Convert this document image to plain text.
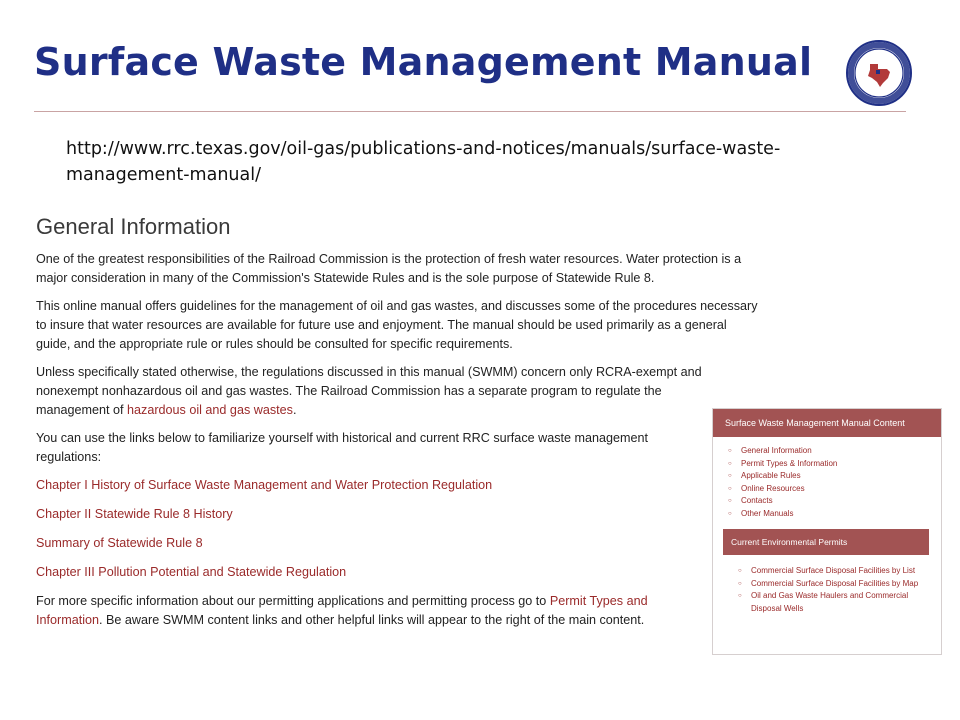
Surface Waste Management Manual
★ ★ ★
http://www.rrc.texas.gov/oil-gas/publications-and-notices/manuals/surface-waste-management-manual/
General Information

One of the greatest responsibilities of the Railroad Commission is the protection of fresh water resources. Water protection is a major consideration in many of the Commission's Statewide Rules and is the sole purpose of Statewide Rule 8.

This online manual offers guidelines for the management of oil and gas wastes, and discusses some of the procedures necessary to insure that water resources are available for future use and enjoyment. The manual should be used primarily as a general guide, and the appropriate rule or rules should be consulted for specific requirements.

Unless specifically stated otherwise, the regulations discussed in this manual (SWMM) concern only RCRA-exempt and nonexempt nonhazardous oil and gas wastes. The Railroad Commission has a separate program to regulate the management of hazardous oil and gas wastes.

You can use the links below to familiarize yourself with historical and current RRC surface waste management regulations:

Chapter I History of Surface Waste Management and Water Protection Regulation
Chapter II Statewide Rule 8 History
Summary of Statewide Rule 8
Chapter III Pollution Potential and Statewide Regulation

For more specific information about our permitting applications and permitting process go to Permit Types and Information. Be aware SWMM content links and other helpful links will appear to the right of the main content.

Surface Waste Management Manual Content
○ General Information
○ Permit Types & Information
○ Applicable Rules
○ Online Resources
○ Contacts
○ Other Manuals
Current Environmental Permits
○ Commercial Surface Disposal Facilities by List
○ Commercial Surface Disposal Facilities by Map
○ Oil and Gas Waste Haulers and Commercial Disposal Wells
